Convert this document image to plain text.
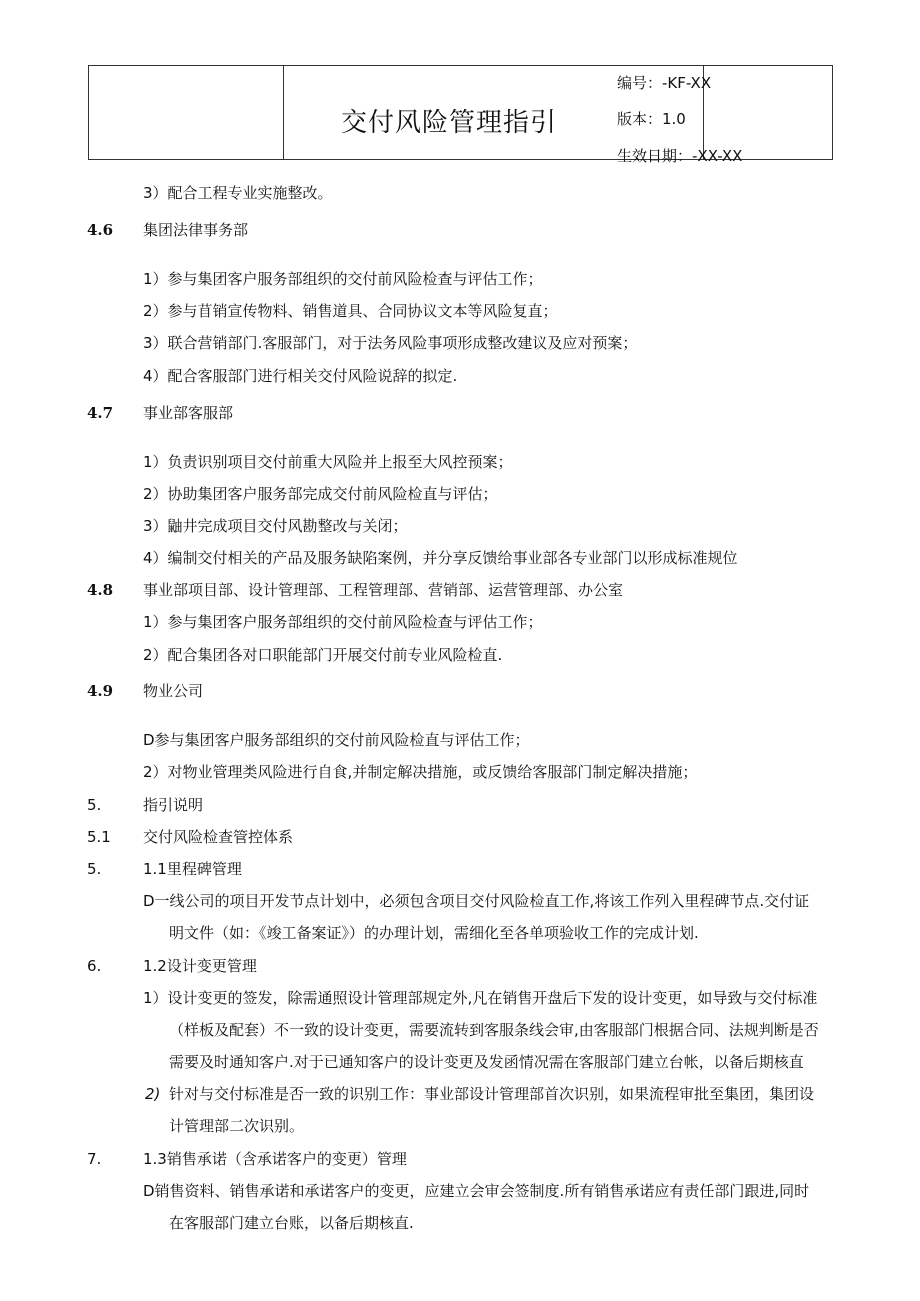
交付风险管理指引
编号：-KF-XX
版本：1.0
生效日期：-XX-XX
3）配合工程专业实施整改。
4.6 集团法律事务部
1）参与集团客户服务部组织的交付前风险检查与评估工作；
2）参与苜销宣传物料、销售道具、合同协议文本等风险复直；
3）联合营销部门.客服部门，对于法务风险事项形成整改建议及应对预案；
4）配合客服部门进行相关交付风险说辞的拟定.
4.7 事业部客服部
1）负责识别项目交付前重大风险并上报至大风控预案；
2）协助集团客户服务部完成交付前风险检直与评估；
3）鼬井完成项目交付风勘整改与关闭；
4）编制交付相关的产品及服务缺陷案例，并分享反馈给事业部各专业部门以形成标准规位
4.8 事业部项目部、设计管理部、工程管理部、营销部、运营管理部、办公室
1）参与集团客户服务部组织的交付前风险检查与评估工作；
2）配合集团各对口职能部门开展交付前专业风险检直.
4.9 物业公司
D参与集团客户服务部组织的交付前风险检直与评估工作；
2）对物业管理类风险进行自食,并制定解决措施，或反馈给客服部门制定解决措施；
5.	指引说明
5.1 交付风险检查管控体系
5.	1.1里程碑管理
D一线公司的项目开发节点计划中，必须包含项目交付风险检直工作,将该工作列入里程碑节点.交付证
明文件（如：《竣工备案证》）的办理计划，需细化至各单项验收工作的完成计划.
6.	1.2设计变更管理
1）设计变更的签发，除需通照设计管理部规定外,凡在销售开盘后下发的设计变更，如导致与交付标准
（样板及配套）不一致的设计变更，需要流转到客服条线会审,由客服部门根据合同、法规判断是否
需要及时通知客户.对于已通知客户的设计变更及发函情况需在客服部门建立台帐，以备后期核直
2) 针对与交付标准是否一致的识别工作：事业部设计管理部首次识别，如果流程审批至集团，集团设
计管理部二次识别。
7.	1.3销售承诺（含承诺客户的变更）管理
D销售资料、销售承诺和承诺客户的变更，应建立会审会签制度.所有销售承诺应有责任部门跟进,同时
在客服部门建立台账，以备后期核直.
